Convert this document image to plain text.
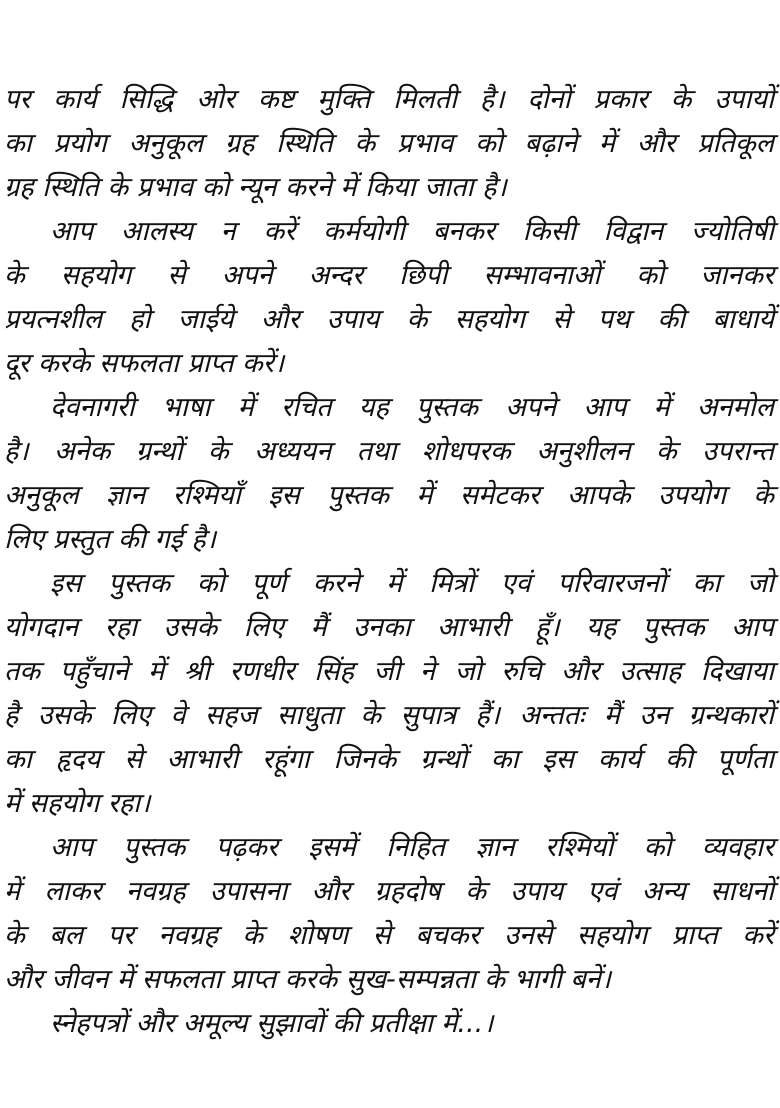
पर कार्य सिद्धि ओर कष्ट मुक्ति मिलती है। दोनों प्रकार के उपायों
का प्रयोग अनुकूल ग्रह स्थिति के प्रभाव को बढ़ाने में और प्रतिकूल
ग्रह स्थिति के प्रभाव को न्यून करने में किया जाता है।
आप आलस्य न करें कर्मयोगी बनकर किसी विद्वान ज्योतिषी
के सहयोग से अपने अन्दर छिपी सम्भावनाओं को जानकर
प्रयत्नशील हो जाईये और उपाय के सहयोग से पथ की बाधायें
दूर करके सफलता प्राप्त करें।
देवनागरी भाषा में रचित यह पुस्तक अपने आप में अनमोल
है। अनेक ग्रन्थों के अध्ययन तथा शोधपरक अनुशीलन के उपरान्त
अनुकूल ज्ञान रश्मियाँ इस पुस्तक में समेटकर आपके उपयोग के
लिए प्रस्तुत की गई है।
इस पुस्तक को पूर्ण करने में मित्रों एवं परिवारजनों का जो
योगदान रहा उसके लिए मैं उनका आभारी हूँ। यह पुस्तक आप
तक पहुँचाने में श्री रणधीर सिंह जी ने जो रुचि और उत्साह दिखाया
है उसके लिए वे सहज साधुता के सुपात्र हैं। अन्ततः मैं उन ग्रन्थकारों
का हृदय से आभारी रहूंगा जिनके ग्रन्थों का इस कार्य की पूर्णता
में सहयोग रहा।
आप पुस्तक पढ़कर इसमें निहित ज्ञान रश्मियों को व्यवहार
में लाकर नवग्रह उपासना और ग्रहदोष के उपाय एवं अन्य साधनों
के बल पर नवग्रह के शोषण से बचकर उनसे सहयोग प्राप्त करें
और जीवन में सफलता प्राप्त करके सुख-सम्पन्नता के भागी बनें।
स्नेहपत्रों और अमूल्य सुझावों की प्रतीक्षा में...।
